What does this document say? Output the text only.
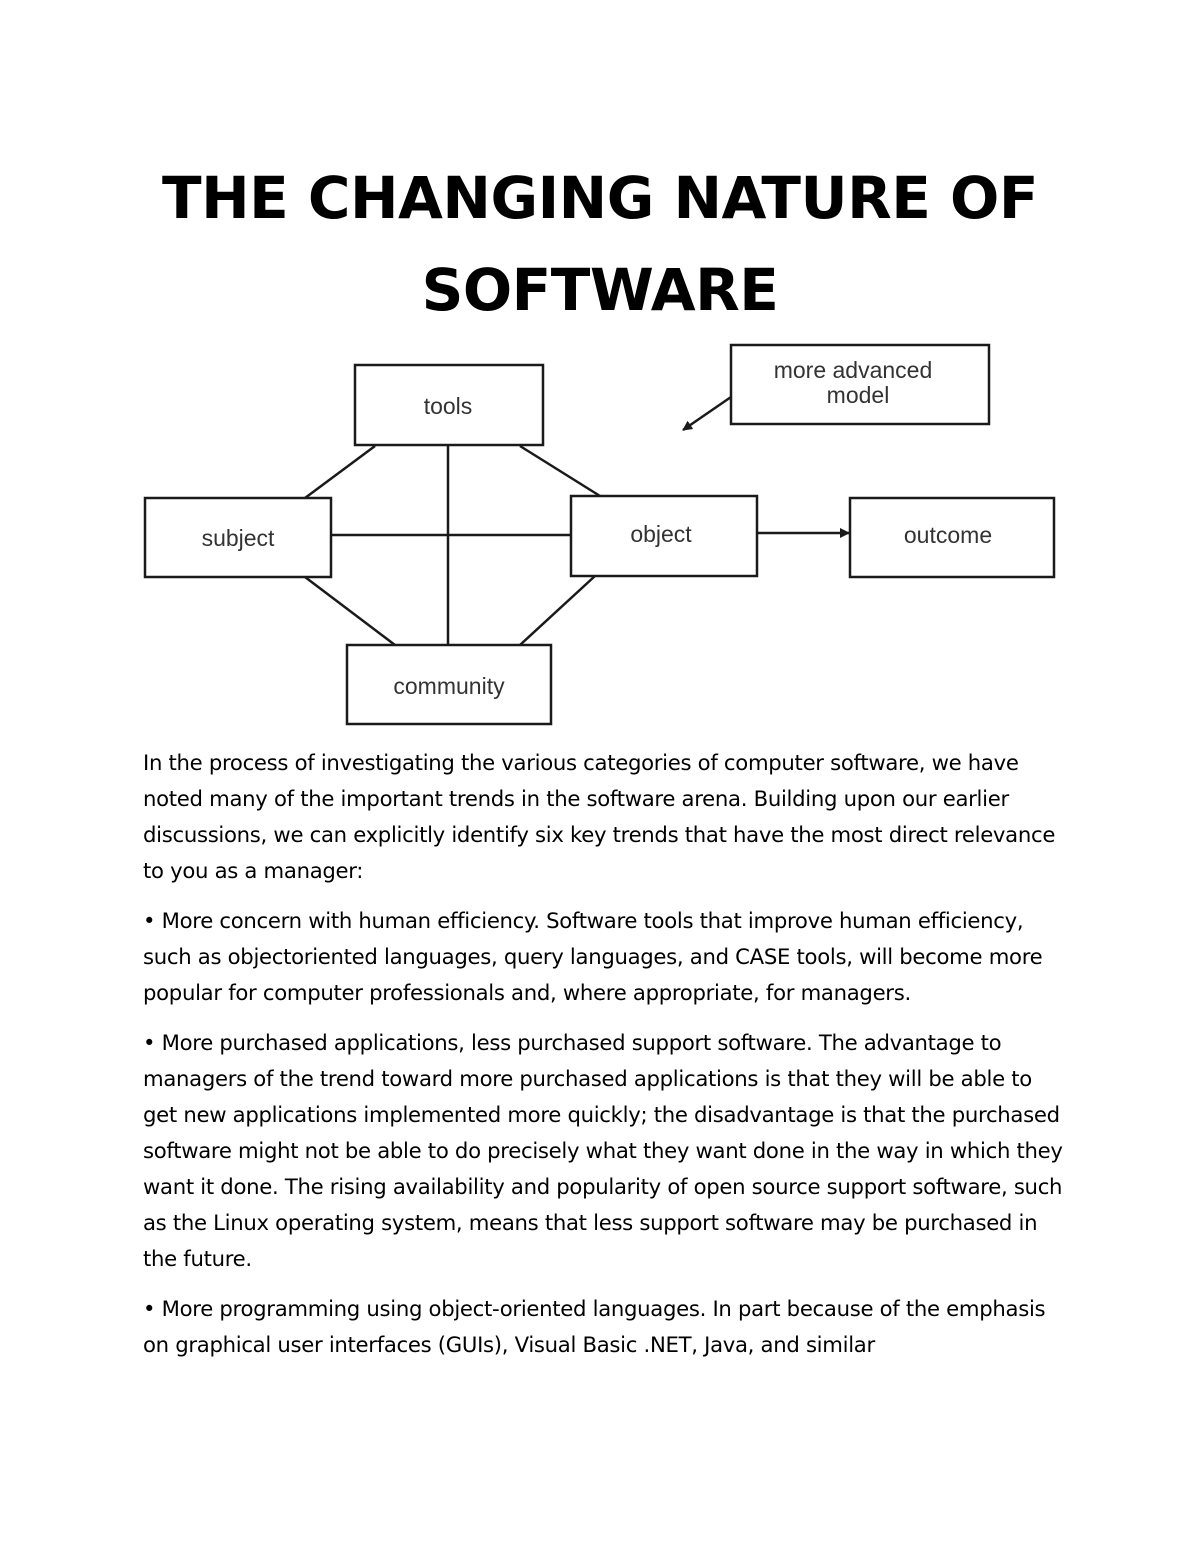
THE CHANGING NATURE OF
SOFTWARE
tools
subject	object	outcome
community
more advanced
model

In the process of investigating the various categories of computer software, we have noted many of the important trends in the software arena. Building upon our earlier discussions, we can explicitly identify six key trends that have the most direct relevance to you as a manager:

• More concern with human efficiency. Software tools that improve human efficiency, such as objectoriented languages, query languages, and CASE tools, will become more popular for computer professionals and, where appropriate, for managers.

• More purchased applications, less purchased support software. The advantage to managers of the trend toward more purchased applications is that they will be able to get new applications implemented more quickly; the disadvantage is that the purchased software might not be able to do precisely what they want done in the way in which they want it done. The rising availability and popularity of open source support software, such as the Linux operating system, means that less support software may be purchased in the future.

• More programming using object-oriented languages. In part because of the emphasis on graphical user interfaces (GUIs), Visual Basic .NET, Java, and similar
